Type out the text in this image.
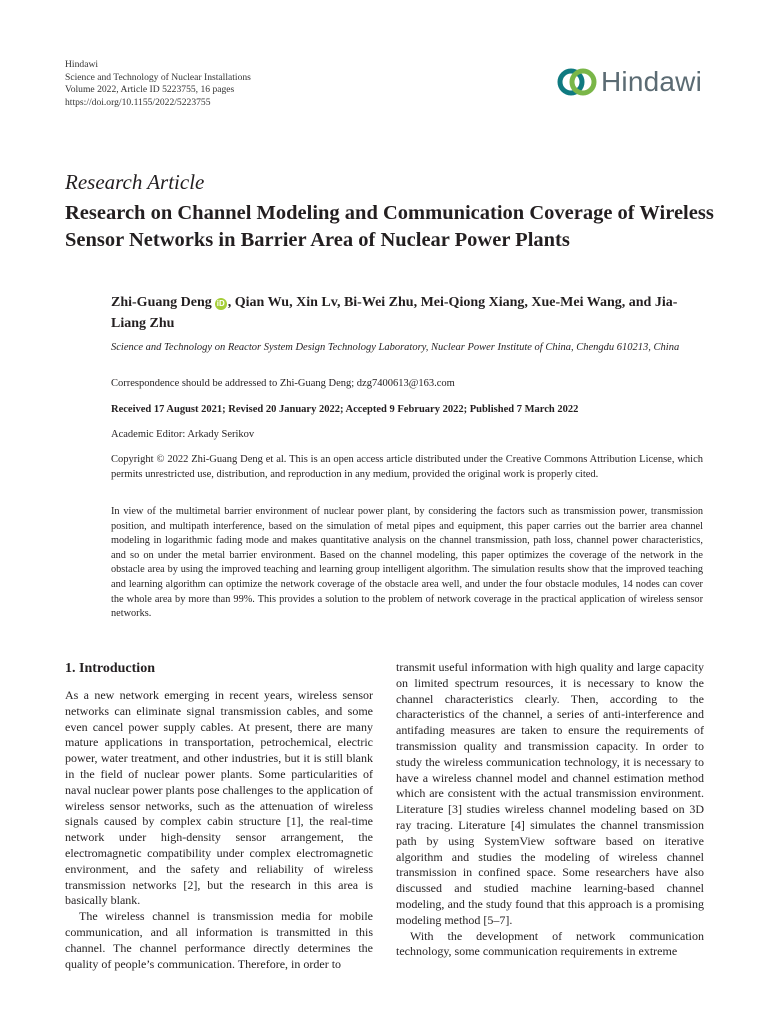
Hindawi
Science and Technology of Nuclear Installations
Volume 2022, Article ID 5223755, 16 pages
https://doi.org/10.1155/2022/5223755
Hindawi
Research Article
Research on Channel Modeling and Communication Coverage of Wireless Sensor Networks in Barrier Area of Nuclear Power Plants
Zhi-Guang Deng iD , Qian Wu, Xin Lv, Bi-Wei Zhu, Mei-Qiong Xiang, Xue-Mei Wang, and Jia-Liang Zhu
Science and Technology on Reactor System Design Technology Laboratory, Nuclear Power Institute of China, Chengdu 610213, China
Correspondence should be addressed to Zhi-Guang Deng; dzg7400613@163.com
Received 17 August 2021; Revised 20 January 2022; Accepted 9 February 2022; Published 7 March 2022
Academic Editor: Arkady Serikov
Copyright © 2022 Zhi-Guang Deng et al. This is an open access article distributed under the Creative Commons Attribution License, which permits unrestricted use, distribution, and reproduction in any medium, provided the original work is properly cited.
In view of the multimetal barrier environment of nuclear power plant, by considering the factors such as transmission power, transmission position, and multipath interference, based on the simulation of metal pipes and equipment, this paper carries out the barrier area channel modeling in logarithmic fading mode and makes quantitative analysis on the channel transmission, path loss, channel power characteristics, and so on under the metal barrier environment. Based on the channel modeling, this paper optimizes the coverage of the network in the obstacle area by using the improved teaching and learning group intelligent algorithm. The simulation results show that the improved teaching and learning algorithm can optimize the network coverage of the obstacle area well, and under the four obstacle modules, 14 nodes can cover the whole area by more than 99%. This provides a solution to the problem of network coverage in the practical application of wireless sensor networks.
1. Introduction

As a new network emerging in recent years, wireless sensor networks can eliminate signal transmission cables, and some even cancel power supply cables. At present, there are many mature applications in transportation, petrochemical, electric power, water treatment, and other industries, but it is still blank in the field of nuclear power plants. Some particularities of naval nuclear power plants pose challenges to the application of wireless sensor networks, such as the attenuation of wireless signals caused by complex cabin structure [1], the real-time network under high-density sensor arrangement, the electromagnetic compatibility under complex electromagnetic environment, and the safety and reliability of wireless transmission networks [2], but the research in this area is basically blank.

The wireless channel is transmission media for mobile communication, and all information is transmitted in this channel. The channel performance directly determines the quality of people’s communication. Therefore, in order to

transmit useful information with high quality and large capacity on limited spectrum resources, it is necessary to know the channel characteristics clearly. Then, according to the characteristics of the channel, a series of anti-interference and antifading measures are taken to ensure the requirements of transmission quality and transmission capacity. In order to study the wireless communication technology, it is necessary to have a wireless channel model and channel estimation method which are consistent with the actual transmission environment. Literature [3] studies wireless channel modeling based on 3D ray tracing. Literature [4] simulates the channel transmission path by using SystemView software based on iterative algorithm and studies the modeling of wireless channel transmission in confined space. Some researchers have also discussed and studied machine learning-based channel modeling, and the study found that this approach is a promising modeling method [5–7].

With the development of network communication technology, some communication requirements in extreme
